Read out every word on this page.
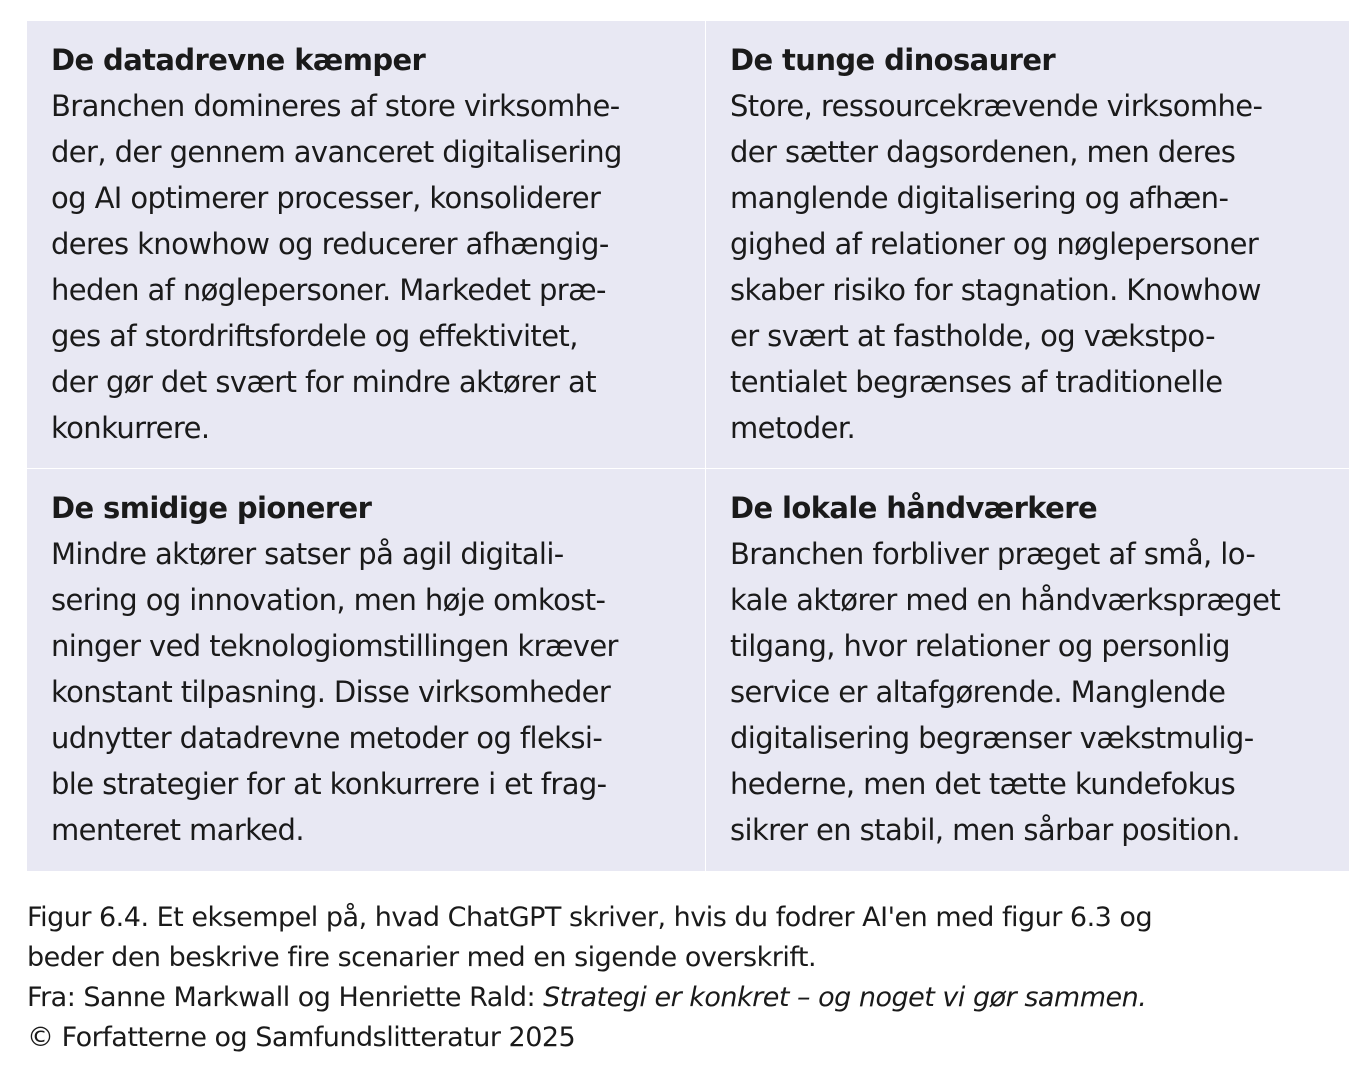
De datadrevne kæmper
Branchen domineres af store virksomhe-
der, der gennem avanceret digitalisering
og AI optimerer processer, konsoliderer
deres knowhow og reducerer afhængig-
heden af nøglepersoner. Markedet præ-
ges af stordriftsfordele og effektivitet,
der gør det svært for mindre aktører at
konkurrere.
De tunge dinosaurer
Store, ressourcekrævende virksomhe-
der sætter dagsordenen, men deres
manglende digitalisering og afhæn-
gighed af relationer og nøglepersoner
skaber risiko for stagnation. Knowhow
er svært at fastholde, og vækstpo-
tentialet begrænses af traditionelle
metoder.
De smidige pionerer
Mindre aktører satser på agil digitali-
sering og innovation, men høje omkost-
ninger ved teknologiomstillingen kræver
konstant tilpasning. Disse virksomheder
udnytter datadrevne metoder og fleksi-
ble strategier for at konkurrere i et frag-
menteret marked.
De lokale håndværkere
Branchen forbliver præget af små, lo-
kale aktører med en håndværkspræget
tilgang, hvor relationer og personlig
service er altafgørende. Manglende
digitalisering begrænser vækstmulig-
hederne, men det tætte kundefokus
sikrer en stabil, men sårbar position.
Figur 6.4. Et eksempel på, hvad ChatGPT skriver, hvis du fodrer AI'en med figur 6.3 og
beder den beskrive fire scenarier med en sigende overskrift.
Fra: Sanne Markwall og Henriette Rald: Strategi er konkret – og noget vi gør sammen.
© Forfatterne og Samfundslitteratur 2025
